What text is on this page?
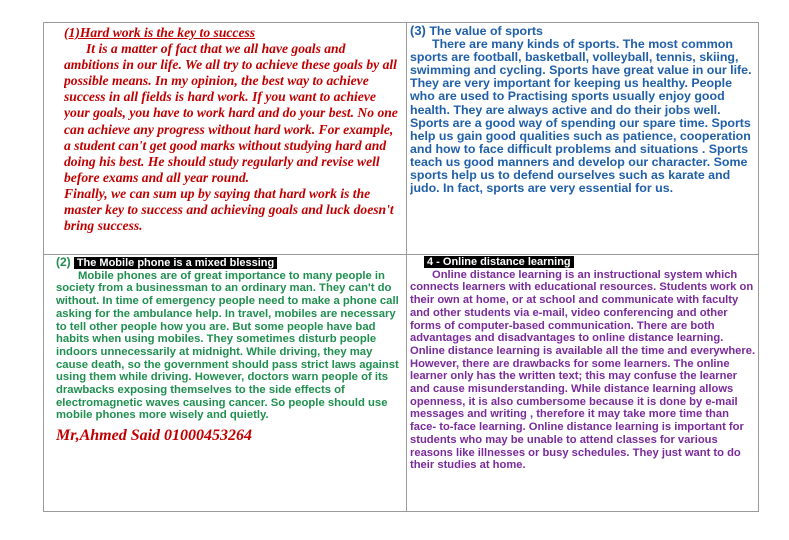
(1)Hard work is the key to success

It is a matter of fact that we all have goals and ambitions in our life. We all try to achieve these goals by all possible means. In my opinion, the best way to achieve success in all fields is hard work. If you want to achieve your goals, you have to work hard and do your best. No one can achieve any progress without hard work. For example, a student can't get good marks without studying hard and doing his best. He should study regularly and revise well before exams and all year round.

Finally, we can sum up by saying that hard work is the master key to success and achieving goals and luck doesn't bring success.

(3) The value of sports

There are many kinds of sports. The most common sports are football, basketball, volleyball, tennis, skiing, swimming and cycling. Sports have great value in our life. They are very important for keeping us healthy. People who are used to Practising sports usually enjoy good health. They are always active and do their jobs well.

Sports are a good way of spending our spare time. Sports help us gain good qualities such as patience, cooperation and how to face difficult problems and situations . Sports teach us good manners and develop our character. Some sports help us to defend ourselves such as karate and judo. In fact, sports are very essential for us.

(2) The Mobile phone is a mixed blessing

Mobile phones are of great importance to many people in society from a businessman to an ordinary man. They can't do without. In time of emergency people need to make a phone call asking for the ambulance help. In travel, mobiles are necessary to tell other people how you are. But some people have bad habits when using mobiles. They sometimes disturb people indoors unnecessarily at midnight. While driving, they may cause death, so the government should pass strict laws against using them while driving. However, doctors warn people of its drawbacks exposing themselves to the side effects of electromagnetic waves causing cancer. So people should use mobile phones more wisely and quietly.

Mr,Ahmed Said 01000453264

4 - Online distance learning

Online distance learning is an instructional system which connects learners with educational resources. Students work on their own at home, or at school and communicate with faculty and other students via e-mail, video conferencing and other forms of computer-based communication. There are both advantages and disadvantages to online distance learning. Online distance learning is available all the time and everywhere. However, there are drawbacks for some learners. The online learner only has the written text; this may confuse the learner and cause misunderstanding. While distance learning allows openness, it is also cumbersome because it is done by e-mail messages and writing , therefore it may take more time than face- to-face learning. Online distance learning is important for students who may be unable to attend classes for various reasons like illnesses or busy schedules. They just want to do their studies at home.
